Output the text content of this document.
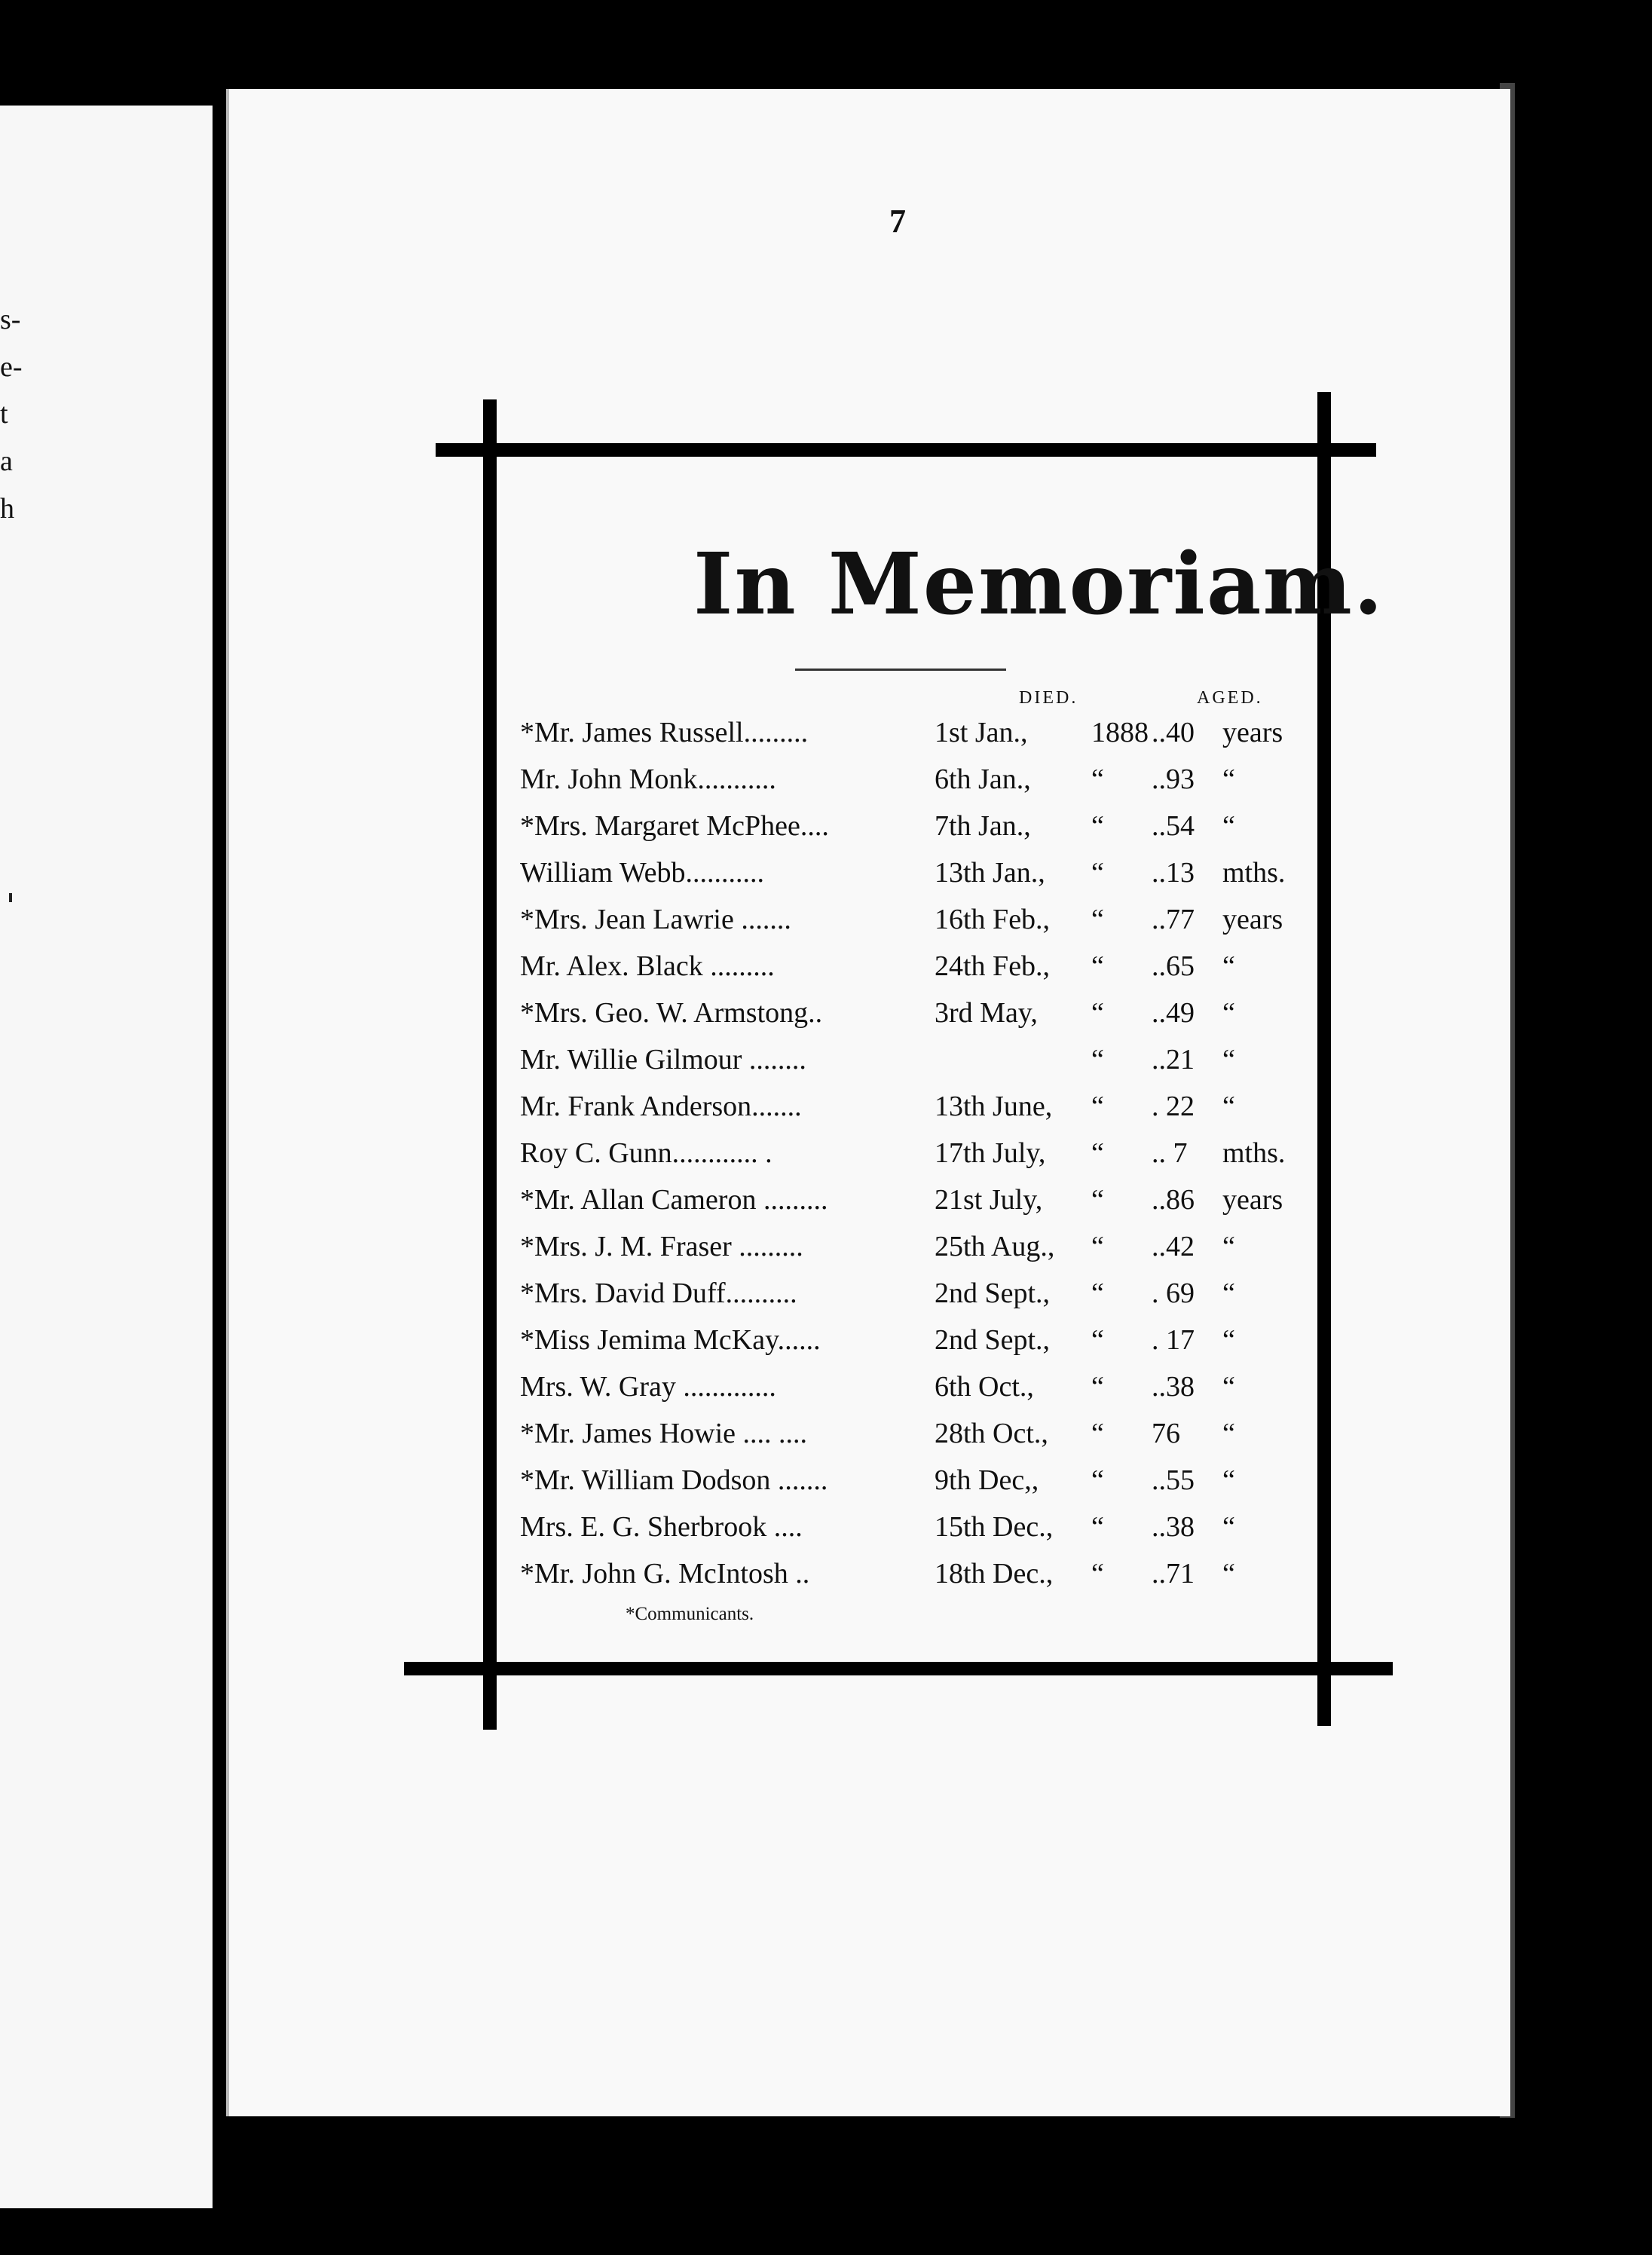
s-
e-
t
a
h
7
In Memoriam.
DIED.	AGED.
*Mr. James Russell.........	1st Jan., 1888 ..40 years
Mr. John Monk...........	6th Jan., “ ..93 “
*Mrs. Margaret McPhee....	7th Jan., “ ..54 “
William Webb...........	13th Jan., “ ..13 mths.
*Mrs. Jean Lawrie .......	16th Feb., “ ..77 years
Mr. Alex. Black .........	24th Feb., “ ..65 “
*Mrs. Geo. W. Armstong..	3rd May, “ ..49 “
Mr. Willie Gilmour ........	“ ..21 “
Mr. Frank Anderson.......	13th June, “ . 22 “
Roy C. Gunn............ .	17th July, “ .. 7 mths.
*Mr. Allan Cameron .........	21st July, “ ..86 years
*Mrs. J. M. Fraser .........	25th Aug., “ ..42 “
*Mrs. David Duff..........	2nd Sept., “ . 69 “
*Miss Jemima McKay......	2nd Sept., “ . 17 “
Mrs. W. Gray .............	6th Oct., “ ..38 “
*Mr. James Howie .... ....	28th Oct., “ 76 “
*Mr. William Dodson .......	9th Dec,, “ ..55 “
Mrs. E. G. Sherbrook ....	15th Dec., “ ..38 “
*Mr. John G. McIntosh ..	18th Dec., “ ..71 “
*Communicants.
